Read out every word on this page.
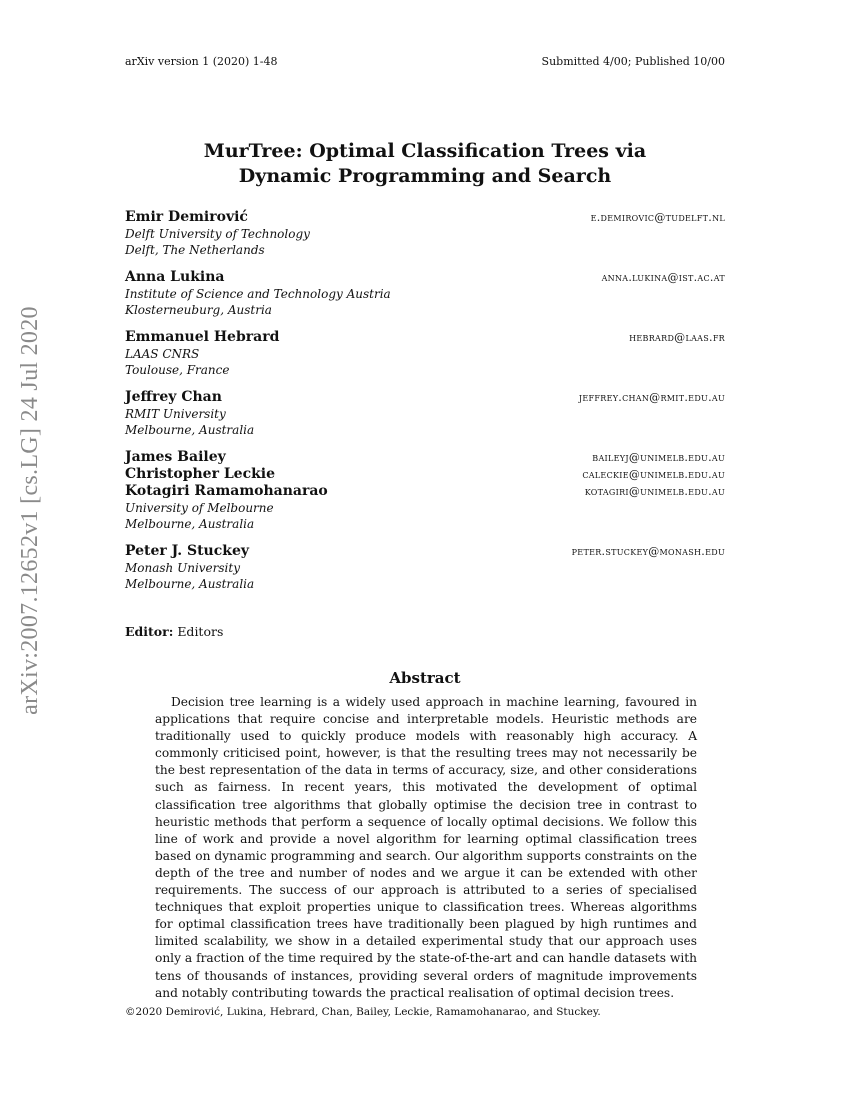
arXiv version 1 (2020) 1-48	Submitted 4/00; Published 10/00
arXiv:2007.12652v1 [cs.LG] 24 Jul 2020
MurTree: Optimal Classification Trees via
Dynamic Programming and Search
Emir Demirović	e.demirovic@tudelft.nl
Delft University of Technology
Delft, The Netherlands
Anna Lukina	anna.lukina@ist.ac.at
Institute of Science and Technology Austria
Klosterneuburg, Austria
Emmanuel Hebrard	hebrard@laas.fr
LAAS CNRS
Toulouse, France
Jeffrey Chan	jeffrey.chan@rmit.edu.au
RMIT University
Melbourne, Australia
James Bailey	baileyj@unimelb.edu.au
Christopher Leckie	caleckie@unimelb.edu.au
Kotagiri Ramamohanarao	kotagiri@unimelb.edu.au
University of Melbourne
Melbourne, Australia
Peter J. Stuckey	peter.stuckey@monash.edu
Monash University
Melbourne, Australia
Editor: Editors
Abstract

Decision tree learning is a widely used approach in machine learning, favoured in applications that require concise and interpretable models. Heuristic methods are traditionally used to quickly produce models with reasonably high accuracy. A commonly criticised point, however, is that the resulting trees may not necessarily be the best representation of the data in terms of accuracy, size, and other considerations such as fairness. In recent years, this motivated the development of optimal classification tree algorithms that globally optimise the decision tree in contrast to heuristic methods that perform a sequence of locally optimal decisions. We follow this line of work and provide a novel algorithm for learning optimal classification trees based on dynamic programming and search. Our algorithm supports constraints on the depth of the tree and number of nodes and we argue it can be extended with other requirements. The success of our approach is attributed to a series of specialised techniques that exploit properties unique to classification trees. Whereas algorithms for optimal classification trees have traditionally been plagued by high runtimes and limited scalability, we show in a detailed experimental study that our approach uses only a fraction of the time required by the state-of-the-art and can handle datasets with tens of thousands of instances, providing several orders of magnitude improvements and notably contributing towards the practical realisation of optimal decision trees.

©2020 Demirović, Lukina, Hebrard, Chan, Bailey, Leckie, Ramamohanarao, and Stuckey.
